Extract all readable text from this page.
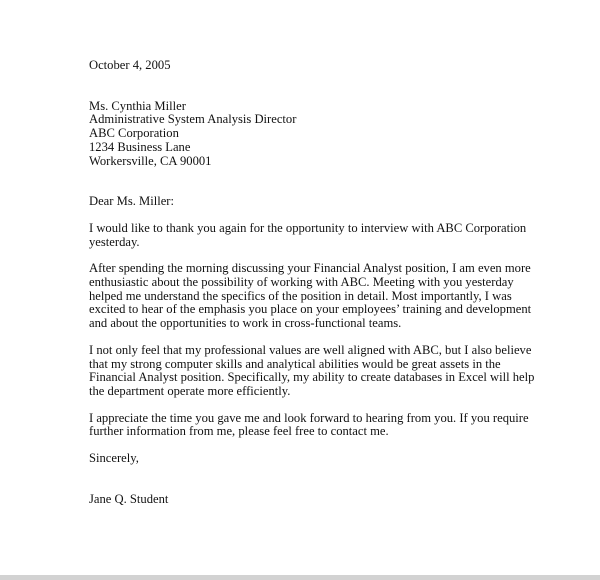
October 4, 2005

Ms. Cynthia Miller
Administrative System Analysis Director
ABC Corporation
1234 Business Lane
Workersville, CA 90001

Dear Ms. Miller:

I would like to thank you again for the opportunity to interview with ABC Corporation
yesterday.
After spending the morning discussing your Financial Analyst position, I am even more
enthusiastic about the possibility of working with ABC. Meeting with you yesterday
helped me understand the specifics of the position in detail. Most importantly, I was
excited to hear of the emphasis you place on your employees’ training and development
and about the opportunities to work in cross-functional teams.
I not only feel that my professional values are well aligned with ABC, but I also believe
that my strong computer skills and analytical abilities would be great assets in the
Financial Analyst position. Specifically, my ability to create databases in Excel will help
the department operate more efficiently.
I appreciate the time you gave me and look forward to hearing from you. If you require
further information from me, please feel free to contact me.

Sincerely,

Jane Q. Student
